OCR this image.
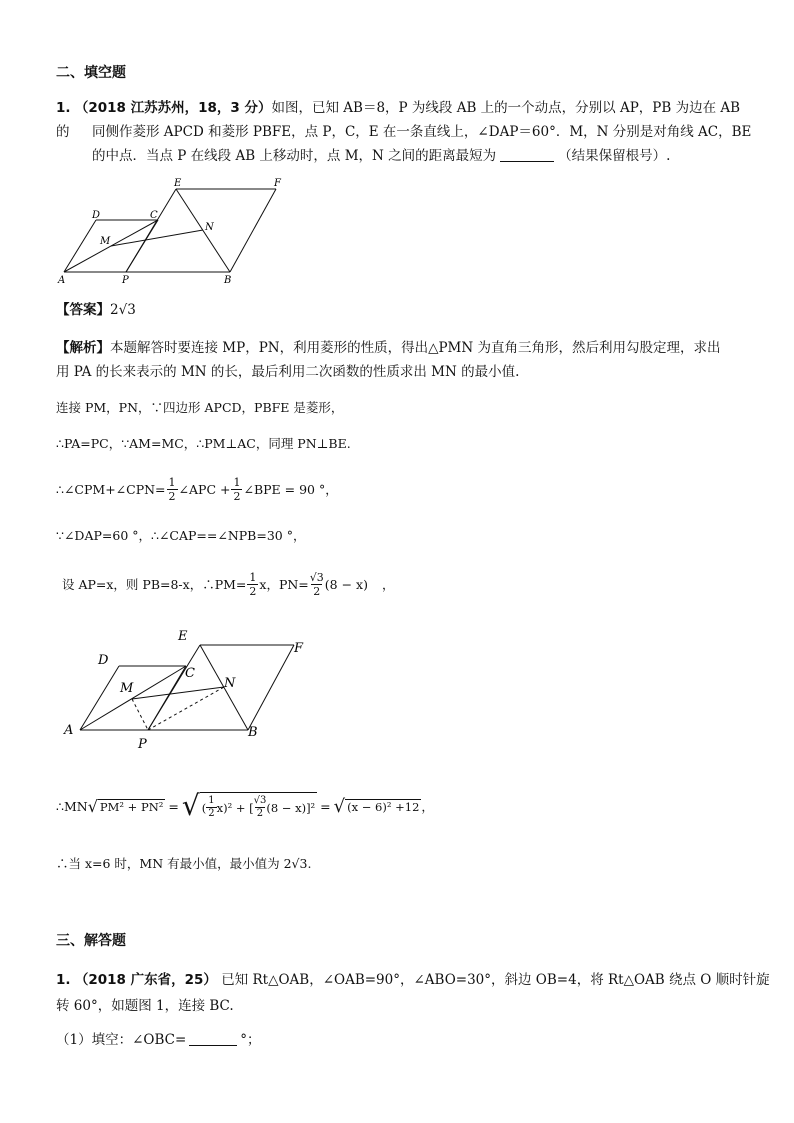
二、填空题
1. （2018 江苏苏州，18，3 分）如图，已知 AB＝8，P 为线段 AB 上的一个动点，分别以 AP，PB 为边在 AB 的	同侧作菱形 APCD 和菱形 PBFE，点 P，C，E 在一条直线上，∠DAP＝60°．M，N 分别是对角线 AC，BE
的中点．当点 P 在线段 AB 上移动时，点 M，N 之间的距离最短为	（结果保留根号）.
E	F
D	C
M
N
A	P	B
【答案】2√3
【解析】本题解答时要连接 MP，PN，利用菱形的性质，得出△PMN 为直角三角形，然后利用勾股定理，求出
用 PA 的长来表示的 MN 的长，最后利用二次函数的性质求出 MN 的最小值.
连接 PM，PN，∵四边形 APCD，PBFE 是菱形，
∴PA=PC，∵AM=MC，∴PM⊥AC，同理 PN⊥BE.
∴∠CPM+∠CPN= $\frac{1}{2}$ ∠APC + $\frac{1}{2}$ ∠BPE = 90 °，
∵∠DAP=60 °，∴∠CAP==∠NPB=30 °，
设 AP=x，则 PB=8-x，∴PM= $\frac{1}{2}$ x，$PN= \frac{√3}{2} (8 - x)$ ，
E
F
D
C
M	N
A
P
B
∴MN √ PM² + PN² = √ ( $\frac{1}{2} x)^2$ + [ $\frac{√3}{2} (8 - x)]^2$ = √ (x − 6)² +12 ，
∴当 x=6 时，MN 有最小值，最小值为 2√3.
三、解答题
1. （2018 广东省，25） 已知 Rt△OAB，∠OAB=90°，∠ABO=30°，斜边 OB=4，将 Rt△OAB 绕点 O 顺时针旋
转 60°，如题图 1，连接 BC.
（1）填空：∠OBC=	°；
